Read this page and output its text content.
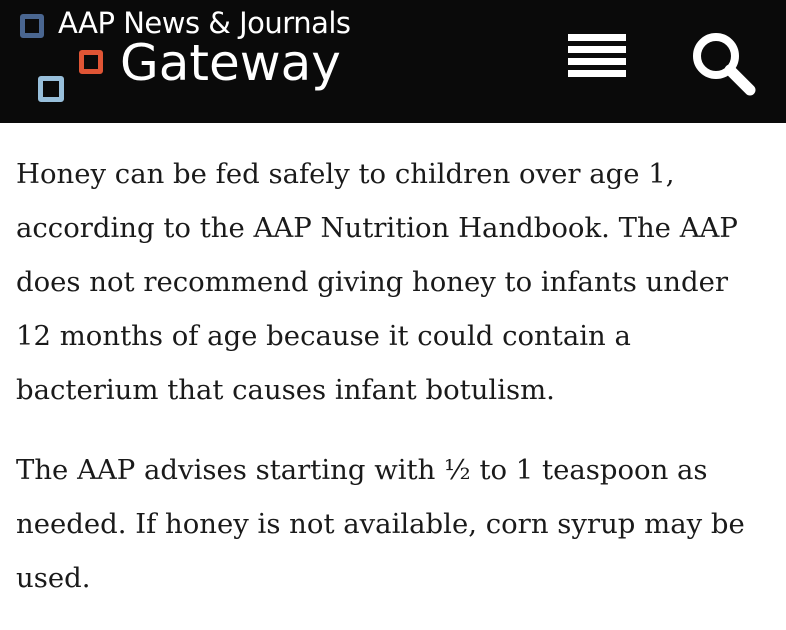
AAP News & Journals
Gateway

Honey can be fed safely to children over age 1,
according to the AAP Nutrition Handbook. The AAP
does not recommend giving honey to infants under
12 months of age because it could contain a
bacterium that causes infant botulism.

The AAP advises starting with ½ to 1 teaspoon as
needed. If honey is not available, corn syrup may be
used.
